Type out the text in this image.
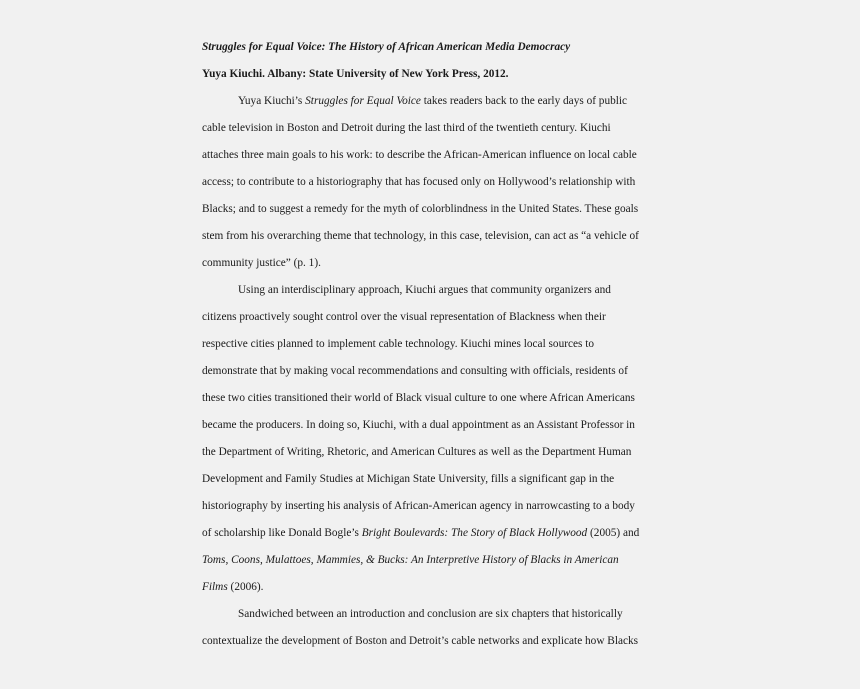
Struggles for Equal Voice: The History of African American Media Democracy
Yuya Kiuchi. Albany: State University of New York Press, 2012.
Yuya Kiuchi’s Struggles for Equal Voice takes readers back to the early days of public
cable television in Boston and Detroit during the last third of the twentieth century. Kiuchi
attaches three main goals to his work: to describe the African-American influence on local cable
access; to contribute to a historiography that has focused only on Hollywood’s relationship with
Blacks; and to suggest a remedy for the myth of colorblindness in the United States. These goals
stem from his overarching theme that technology, in this case, television, can act as “a vehicle of
community justice” (p. 1).
Using an interdisciplinary approach, Kiuchi argues that community organizers and
citizens proactively sought control over the visual representation of Blackness when their
respective cities planned to implement cable technology. Kiuchi mines local sources to
demonstrate that by making vocal recommendations and consulting with officials, residents of
these two cities transitioned their world of Black visual culture to one where African Americans
became the producers. In doing so, Kiuchi, with a dual appointment as an Assistant Professor in
the Department of Writing, Rhetoric, and American Cultures as well as the Department Human
Development and Family Studies at Michigan State University, fills a significant gap in the
historiography by inserting his analysis of African-American agency in narrowcasting to a body
of scholarship like Donald Bogle’s Bright Boulevards: The Story of Black Hollywood (2005) and
Toms, Coons, Mulattoes, Mammies, & Bucks: An Interpretive History of Blacks in American
Films (2006).
Sandwiched between an introduction and conclusion are six chapters that historically
contextualize the development of Boston and Detroit’s cable networks and explicate how Blacks
